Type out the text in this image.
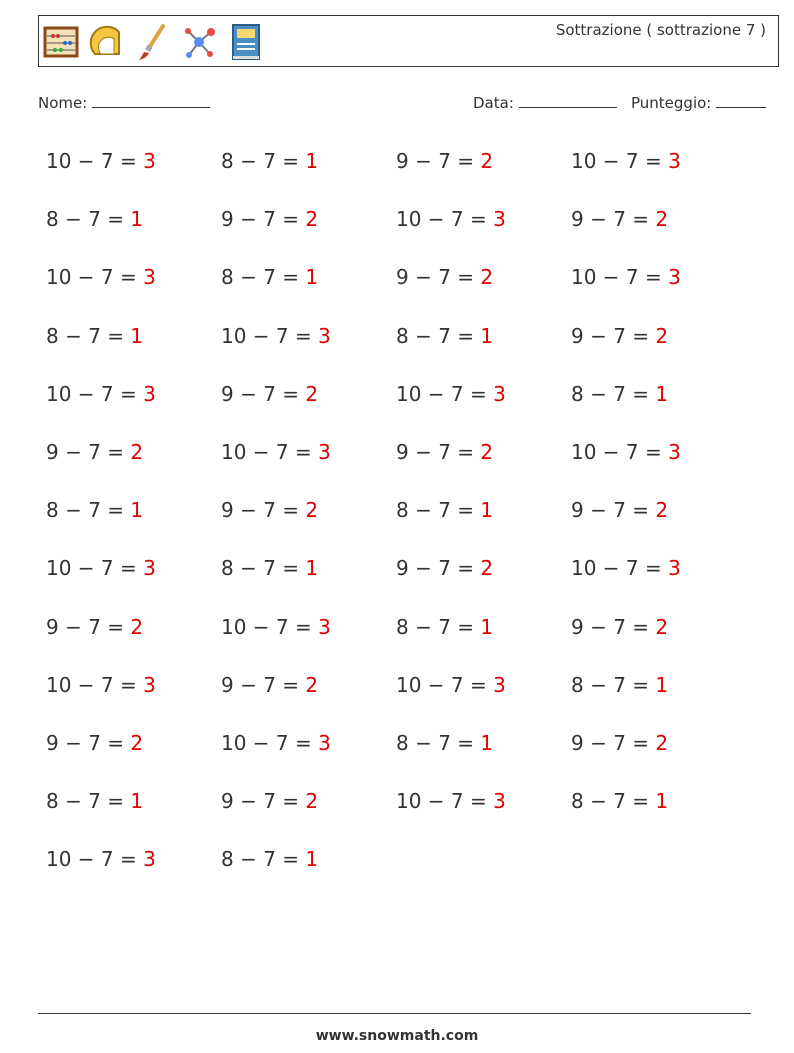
Sottrazione ( sottrazione 7 )
Nome:	Data:	Punteggio:
10 − 7 = 3	8 − 7 = 1	9 − 7 = 2	10 − 7 = 3
8 − 7 = 1	9 − 7 = 2	10 − 7 = 3	9 − 7 = 2
10 − 7 = 3	8 − 7 = 1	9 − 7 = 2	10 − 7 = 3
8 − 7 = 1	10 − 7 = 3	8 − 7 = 1	9 − 7 = 2
10 − 7 = 3	9 − 7 = 2	10 − 7 = 3	8 − 7 = 1
9 − 7 = 2	10 − 7 = 3	9 − 7 = 2	10 − 7 = 3
8 − 7 = 1	9 − 7 = 2	8 − 7 = 1	9 − 7 = 2
10 − 7 = 3	8 − 7 = 1	9 − 7 = 2	10 − 7 = 3
9 − 7 = 2	10 − 7 = 3	8 − 7 = 1	9 − 7 = 2
10 − 7 = 3	9 − 7 = 2	10 − 7 = 3	8 − 7 = 1
9 − 7 = 2	10 − 7 = 3	8 − 7 = 1	9 − 7 = 2
8 − 7 = 1	9 − 7 = 2	10 − 7 = 3	8 − 7 = 1
10 − 7 = 3	8 − 7 = 1
www.snowmath.com
